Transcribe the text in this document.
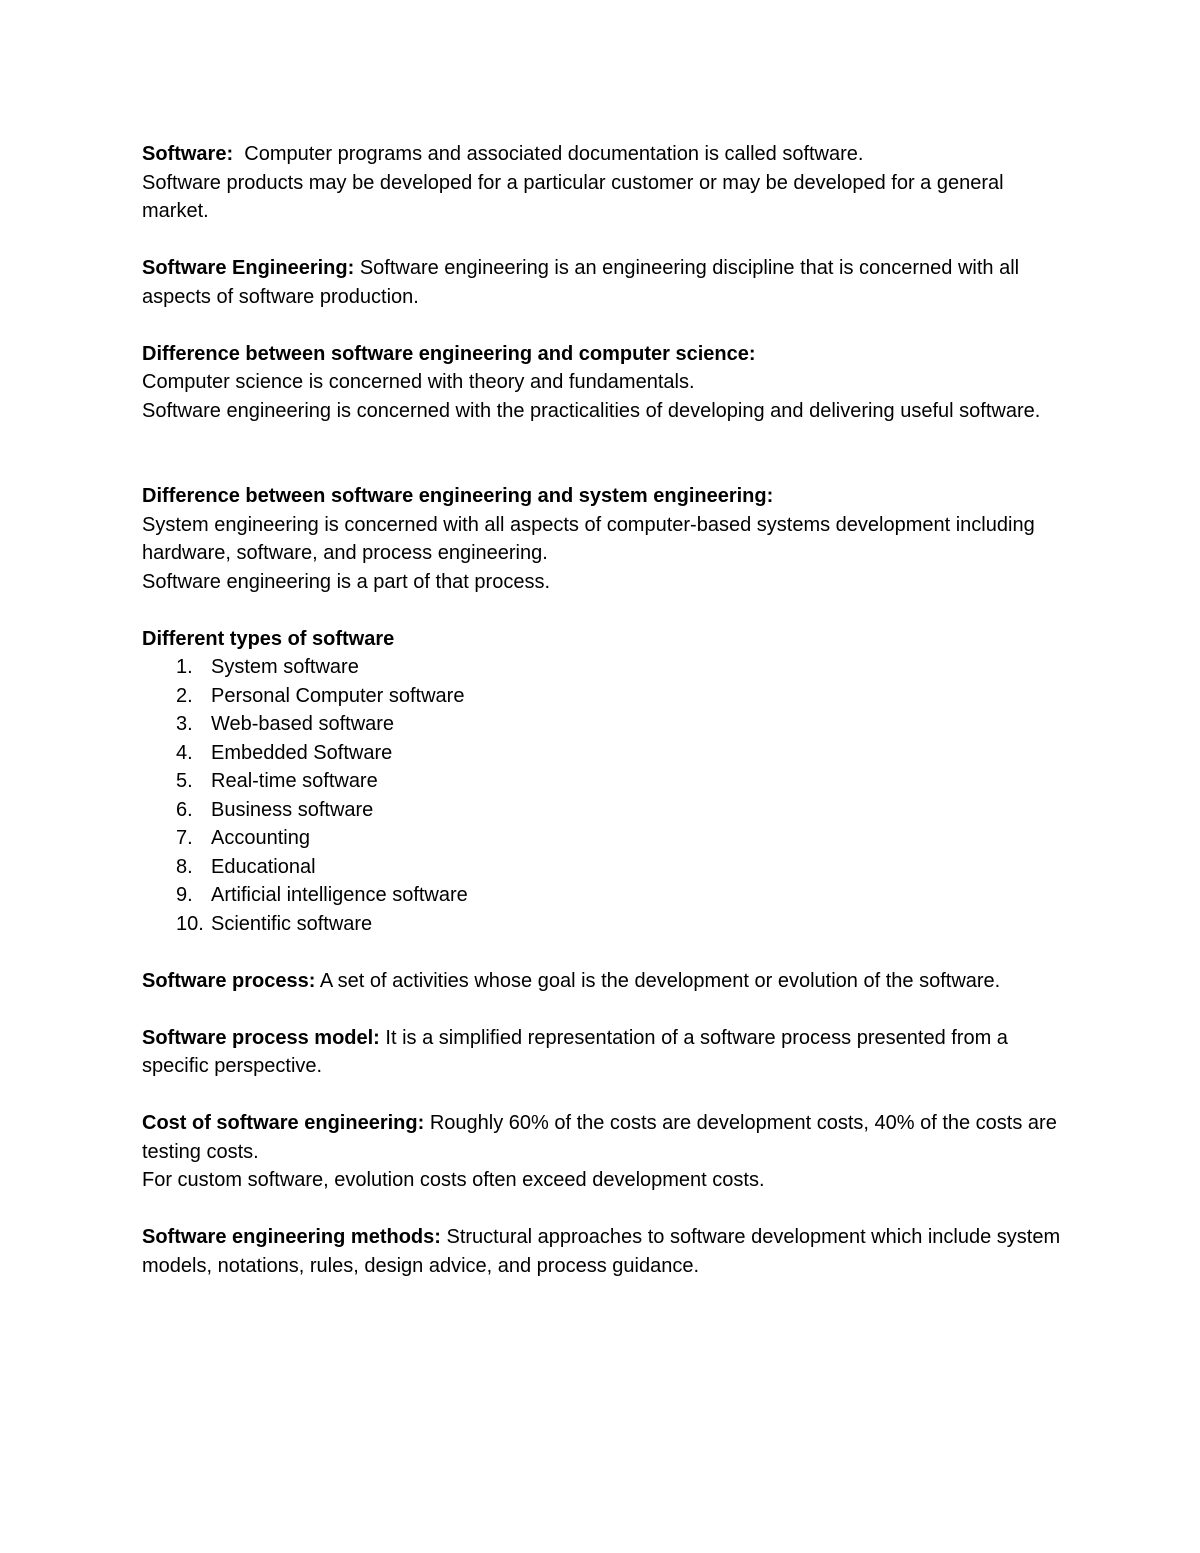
Software: Computer programs and associated documentation is called software.

Software products may be developed for a particular customer or may be developed for a general market.

Software Engineering: Software engineering is an engineering discipline that is concerned with all aspects of software production.

Difference between software engineering and computer science:

Computer science is concerned with theory and fundamentals.

Software engineering is concerned with the practicalities of developing and delivering useful software.

Difference between software engineering and system engineering:

System engineering is concerned with all aspects of computer-based systems development including hardware, software, and process engineering.

Software engineering is a part of that process.

Different types of software

1. System software
2. Personal Computer software
3. Web-based software
4. Embedded Software
5. Real-time software
6. Business software
7. Accounting
8. Educational
9. Artificial intelligence software
10. Scientific software

Software process: A set of activities whose goal is the development or evolution of the software.

Software process model: It is a simplified representation of a software process presented from a specific perspective.

Cost of software engineering: Roughly 60% of the costs are development costs, 40% of the costs are testing costs.

For custom software, evolution costs often exceed development costs.

Software engineering methods: Structural approaches to software development which include system models, notations, rules, design advice, and process guidance.
